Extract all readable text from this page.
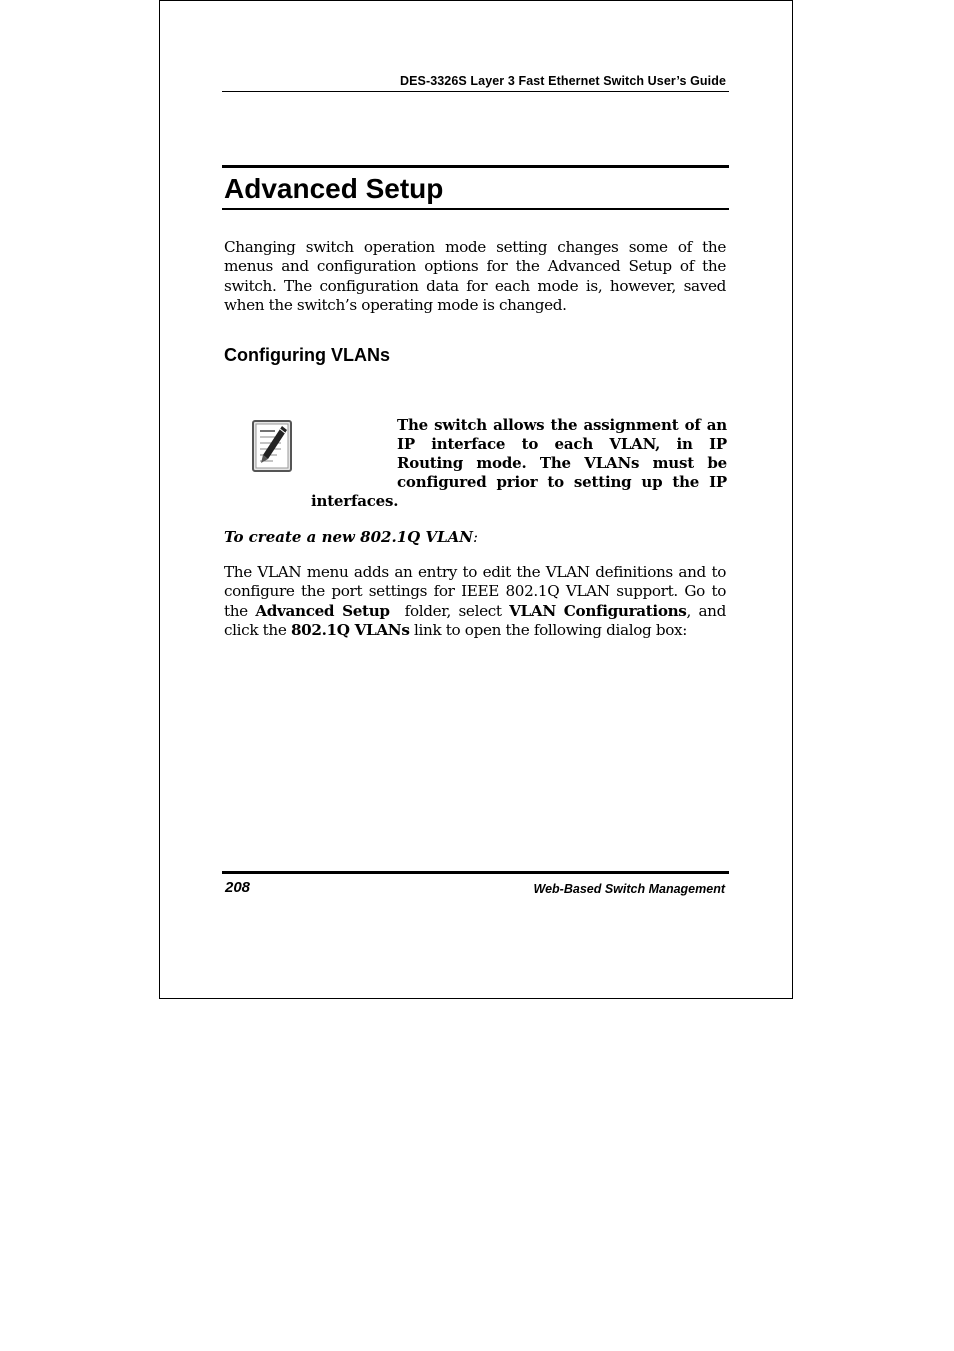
DES-3326S Layer 3 Fast Ethernet Switch User’s Guide
Advanced Setup

Changing switch operation mode setting changes some of the menus and configuration options for the Advanced Setup of the switch. The configuration data for each mode is, however, saved when the switch’s operating mode is changed.

Configuring VLANs

The switch allows the assignment of an IP interface to each VLAN, in IP Routing mode. The VLANs must be configured prior to setting up the IP interfaces.

To create a new 802.1Q VLAN:

The VLAN menu adds an entry to edit the VLAN definitions and to configure the port settings for IEEE 802.1Q VLAN support. Go to the Advanced Setup  folder, select VLAN Configurations, and click the 802.1Q VLANs link to open the following dialog box:

208	Web-Based Switch Management
